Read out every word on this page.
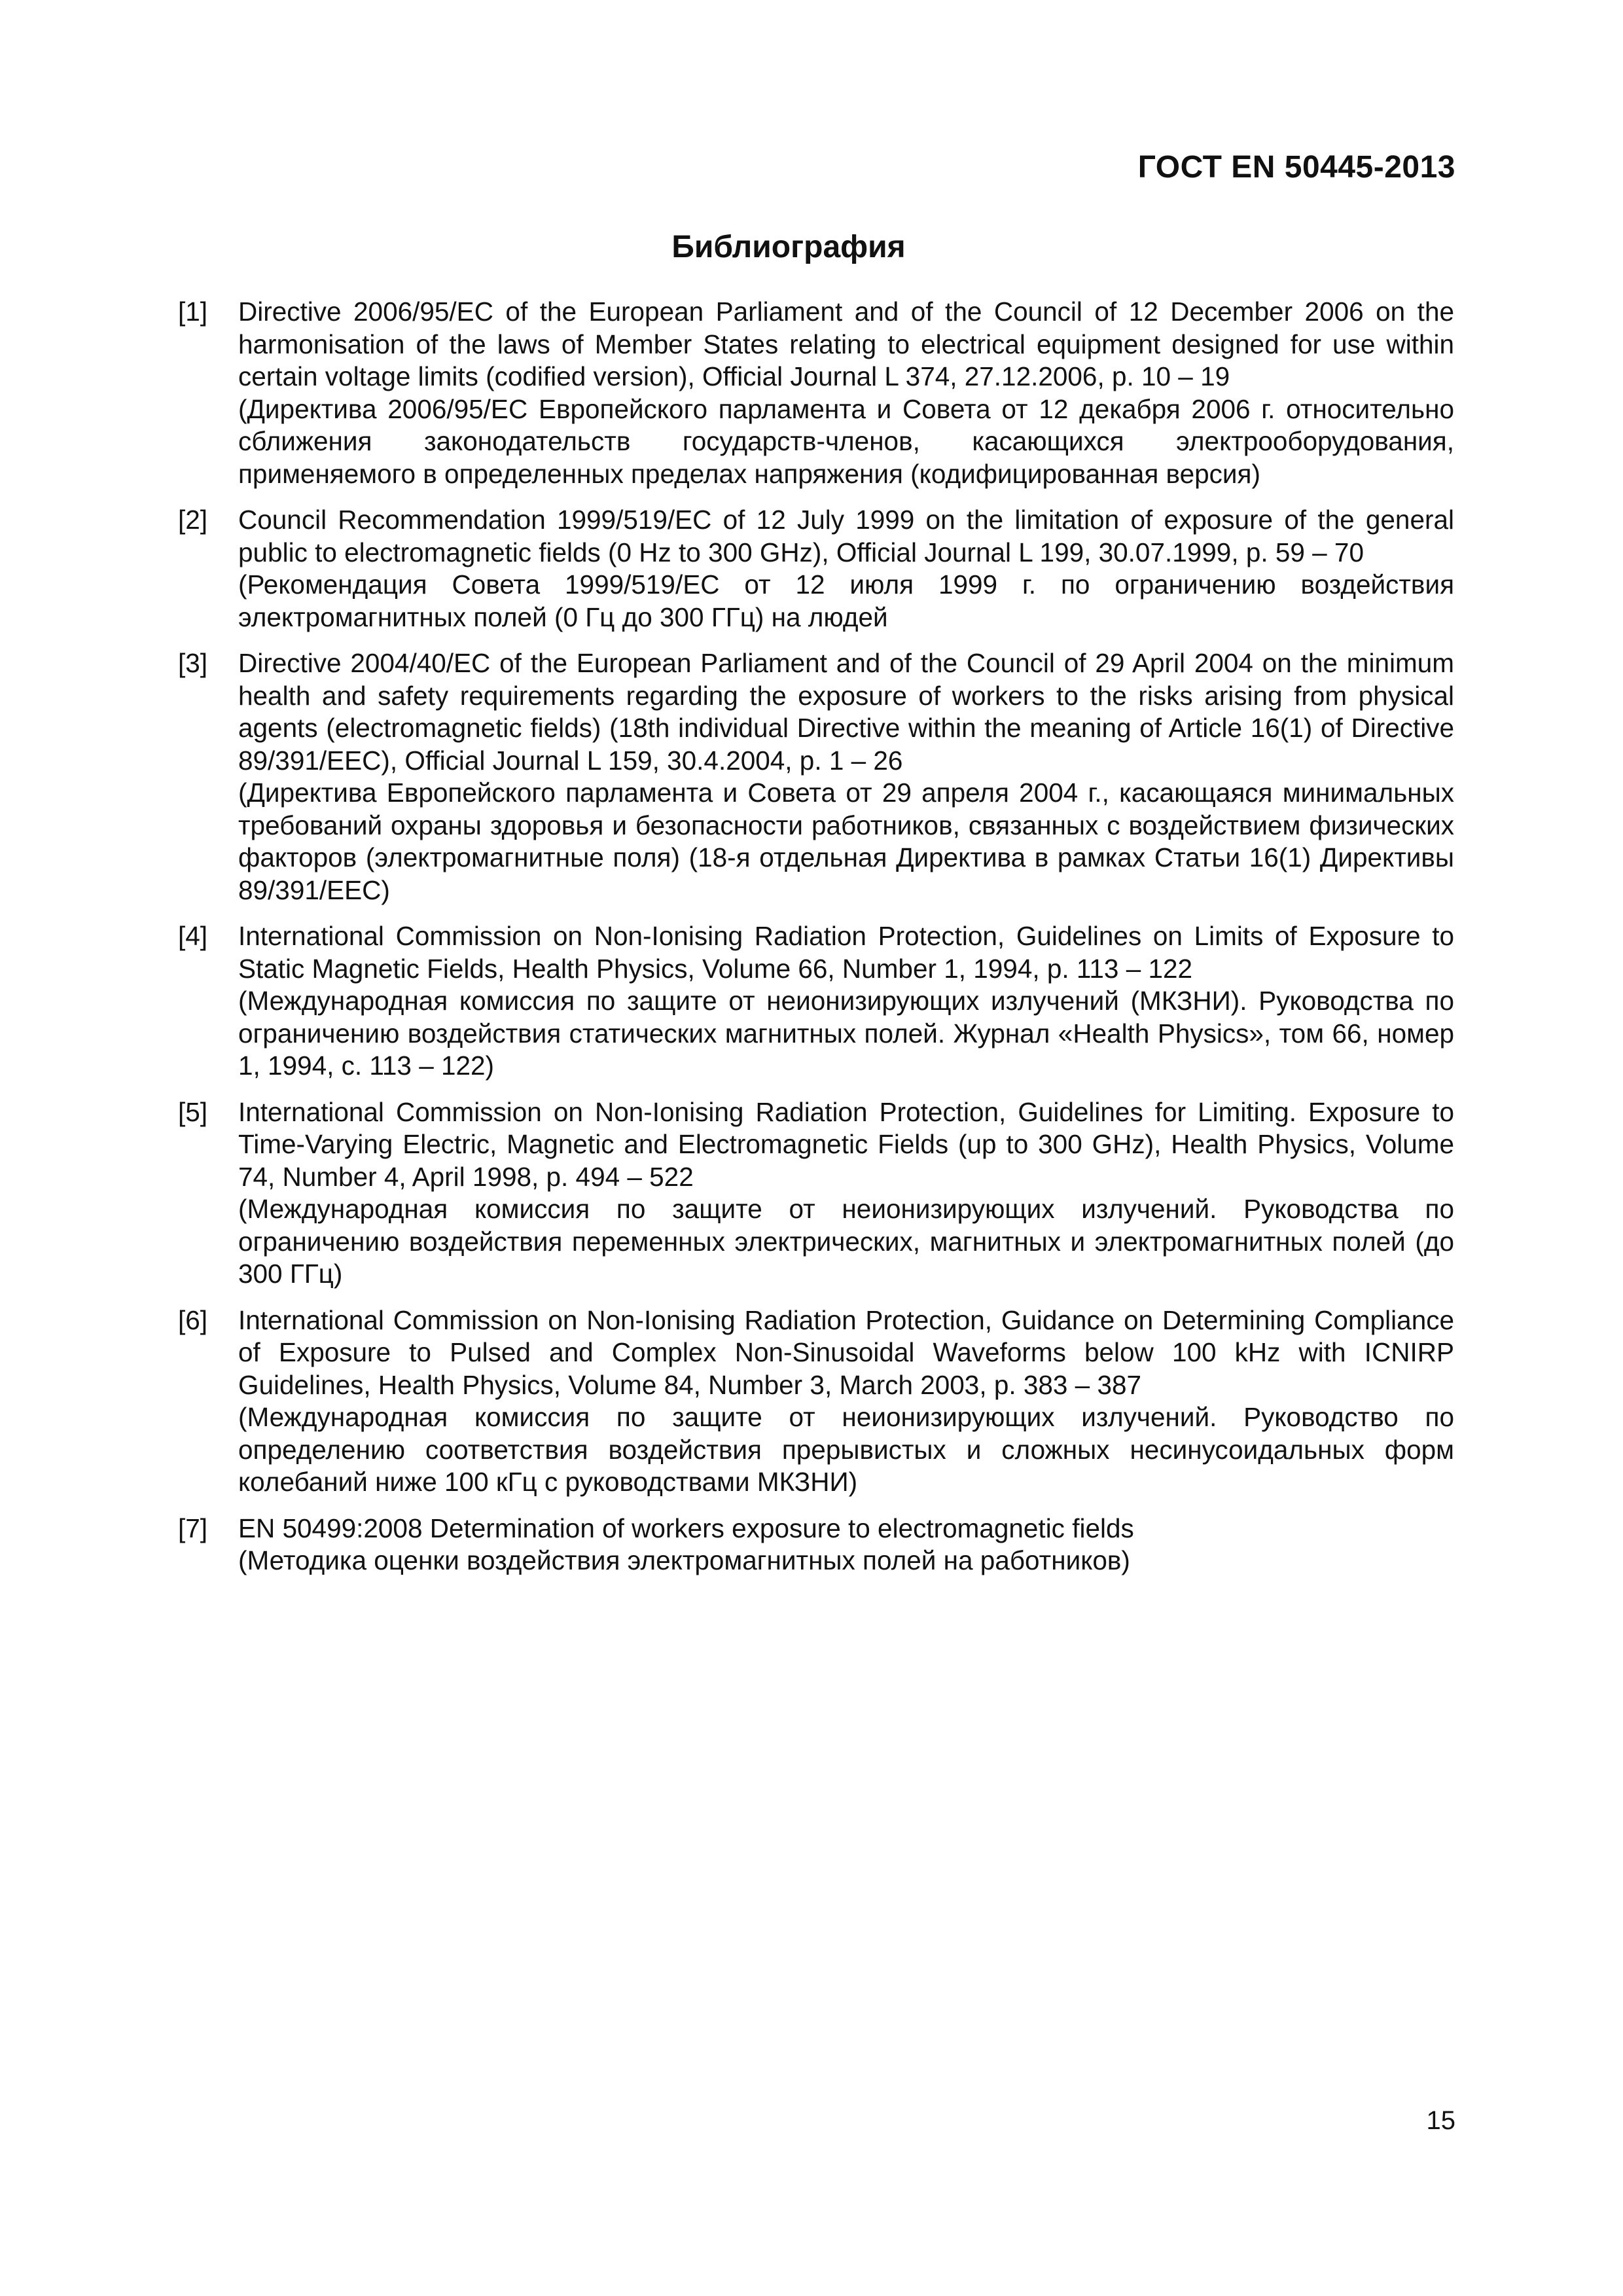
ГОСТ EN 50445-2013
Библиография
[1]	Directive 2006/95/EC of the European Parliament and of the Council of 12 December 2006 on the harmonisation of the laws of Member States relating to electrical equipment designed for use within certain voltage limits (codified version), Official Journal L 374, 27.12.2006, p. 10 – 19

(Директива 2006/95/ЕС Европейского парламента и Совета от 12 декабря 2006 г. относительно сближения законодательств государств-членов, касающихся электрооборудования, применяемого в определенных пределах напряжения (кодифицированная версия)

[2]	Council Recommendation 1999/519/EC of 12 July 1999 on the limitation of exposure of the general public to electromagnetic fields (0 Hz to 300 GHz), Official Journal L 199, 30.07.1999, p. 59 – 70

(Рекомендация Совета 1999/519/ЕС от 12 июля 1999 г. по ограничению воздействия электромагнитных полей (0 Гц до 300 ГГц) на людей

[3]	Directive 2004/40/EC of the European Parliament and of the Council of 29 April 2004 on the minimum health and safety requirements regarding the exposure of workers to the risks arising from physical agents (electromagnetic fields) (18th individual Directive within the meaning of Article 16(1) of Directive 89/391/EEC), Official Journal L 159, 30.4.2004, p. 1 – 26

(Директива Европейского парламента и Совета от 29 апреля 2004 г., касающаяся минимальных требований охраны здоровья и безопасности работников, связанных с воздействием физических факторов (электромагнитные поля) (18-я отдельная Директива в рамках Статьи 16(1) Директивы 89/391/ЕЕС)

[4]	International Commission on Non-Ionising Radiation Protection, Guidelines on Limits of Exposure to Static Magnetic Fields, Health Physics, Volume 66, Number 1, 1994, p. 113 – 122

(Международная комиссия по защите от неионизирующих излучений (МКЗНИ). Руководства по ограничению воздействия статических магнитных полей. Журнал «Health Physics», том 66, номер 1, 1994, с. 113 – 122)

[5]	International Commission on Non-Ionising Radiation Protection, Guidelines for Limiting. Exposure to Time-Varying Electric, Magnetic and Electromagnetic Fields (up to 300 GHz), Health Physics, Volume 74, Number 4, April 1998, p. 494 – 522

(Международная комиссия по защите от неионизирующих излучений. Руководства по ограничению воздействия переменных электрических, магнитных и электромагнитных полей (до 300 ГГц)

[6]	International Commission on Non-Ionising Radiation Protection, Guidance on Determining Compliance of Exposure to Pulsed and Complex Non-Sinusoidal Waveforms below 100 kHz with ICNIRP Guidelines, Health Physics, Volume 84, Number 3, March 2003, p. 383 – 387

(Международная комиссия по защите от неионизирующих излучений. Руководство по определению соответствия воздействия прерывистых и сложных несинусоидальных форм колебаний ниже 100 кГц с руководствами МКЗНИ)

[7]	EN 50499:2008 Determination of workers exposure to electromagnetic fields

(Методика оценки воздействия электромагнитных полей на работников)

15
